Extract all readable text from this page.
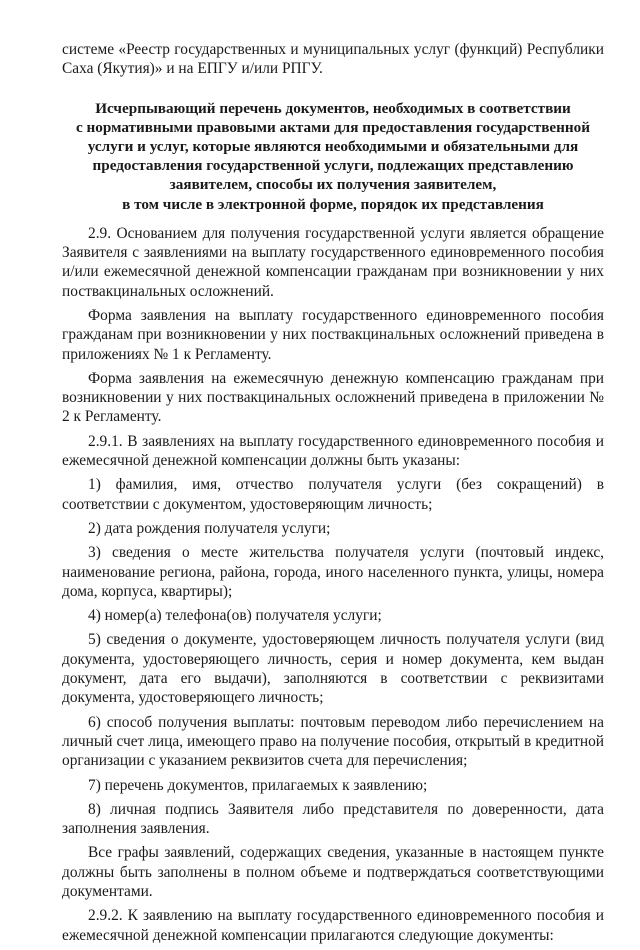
системе «Реестр государственных и муниципальных услуг (функций) Республики Саха (Якутия)» и на ЕПГУ и/или РПГУ.

Исчерпывающий перечень документов, необходимых в соответствии
с нормативными правовыми актами для предоставления государственной
услуги и услуг, которые являются необходимыми и обязательными для
предоставления государственной услуги, подлежащих представлению
заявителем, способы их получения заявителем,
в том числе в электронной форме, порядок их представления

2.9. Основанием для получения государственной услуги является обращение Заявителя с заявлениями на выплату государственного единовременного пособия и/или ежемесячной денежной компенсации гражданам при возникновении у них поствакцинальных осложнений.

Форма заявления на выплату государственного единовременного пособия гражданам при возникновении у них поствакцинальных осложнений приведена в приложениях № 1 к Регламенту.

Форма заявления на ежемесячную денежную компенсацию гражданам при возникновении у них поствакцинальных осложнений приведена в приложении № 2 к Регламенту.

2.9.1. В заявлениях на выплату государственного единовременного пособия и ежемесячной денежной компенсации должны быть указаны:

1) фамилия, имя, отчество получателя услуги (без сокращений) в соответствии с документом, удостоверяющим личность;

2) дата рождения получателя услуги;

3) сведения о месте жительства получателя услуги (почтовый индекс, наименование региона, района, города, иного населенного пункта, улицы, номера дома, корпуса, квартиры);

4) номер(а) телефона(ов) получателя услуги;

5) сведения о документе, удостоверяющем личность получателя услуги (вид документа, удостоверяющего личность, серия и номер документа, кем выдан документ, дата его выдачи), заполняются в соответствии с реквизитами документа, удостоверяющего личность;

6) способ получения выплаты: почтовым переводом либо перечислением на личный счет лица, имеющего право на получение пособия, открытый в кредитной организации с указанием реквизитов счета для перечисления;

7) перечень документов, прилагаемых к заявлению;

8) личная подпись Заявителя либо представителя по доверенности, дата заполнения заявления.

Все графы заявлений, содержащих сведения, указанные в настоящем пункте должны быть заполнены в полном объеме и подтверждаться соответствующими документами.

2.9.2. К заявлению на выплату государственного единовременного пособия и ежемесячной денежной компенсации прилагаются следующие документы:
